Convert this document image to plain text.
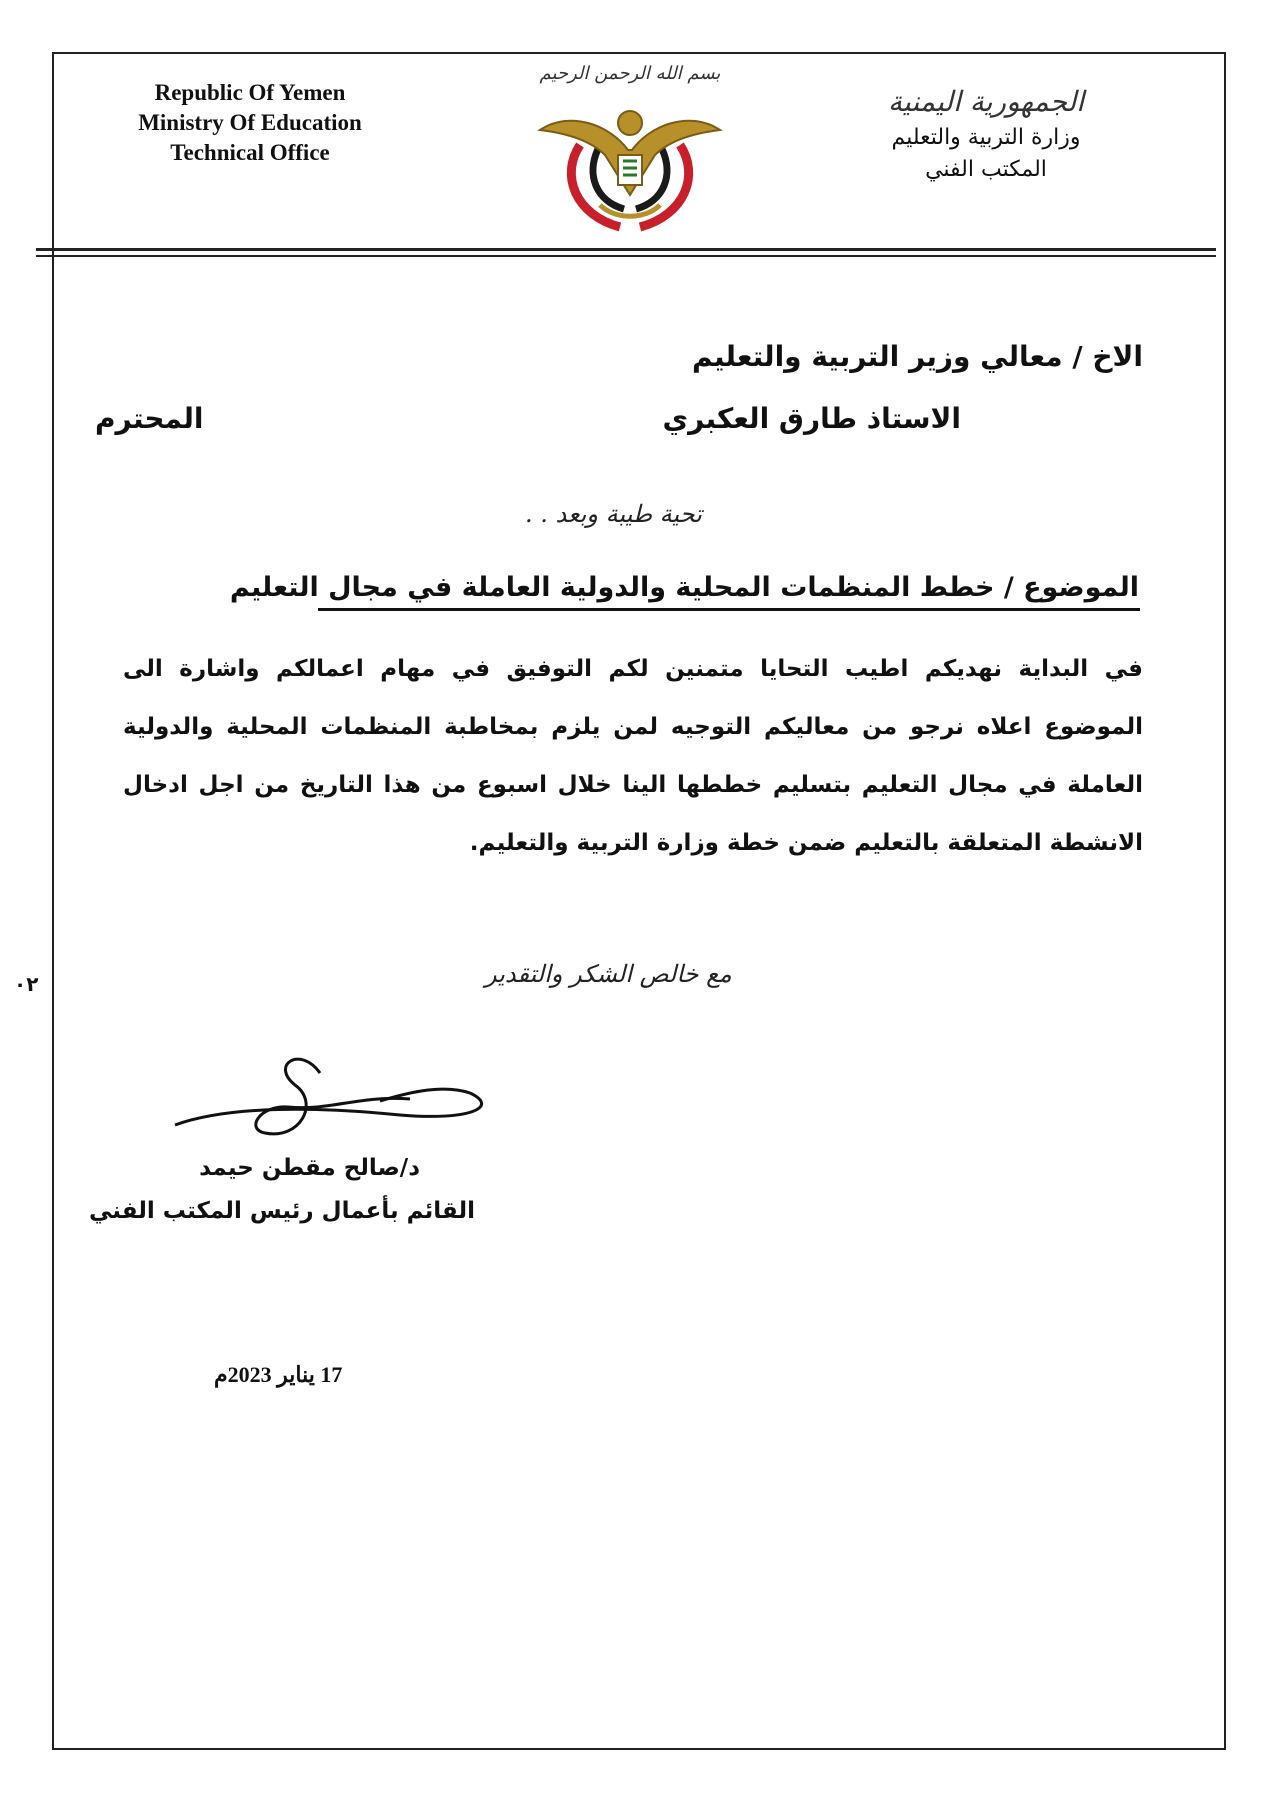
Republic Of Yemen
Ministry Of Education
Technical Office
بسم الله الرحمن الرحيم
الجمهورية اليمنية
وزارة التربية والتعليم
المكتب الفني
الاخ / معالي وزير التربية والتعليم
الاستاذ طارق العكبري
المحترم
تحية طيبة وبعد . .
الموضوع / خطط المنظمات المحلية والدولية العاملة في مجال التعليم
في البداية نهديكم اطيب التحايا متمنين لكم التوفيق في مهام اعمالكم واشارة الى الموضوع اعلاه نرجو من معاليكم التوجيه لمن يلزم بمخاطبة المنظمات المحلية والدولية العاملة في مجال التعليم بتسليم خططها الينا خلال اسبوع من هذا التاريخ من اجل ادخال الانشطة المتعلقة بالتعليم ضمن خطة وزارة التربية والتعليم.
مع خالص الشكر والتقدير
٠٢
د/صالح مقطن حيمد
القائم بأعمال رئيس المكتب الفني
17 يناير 2023م
